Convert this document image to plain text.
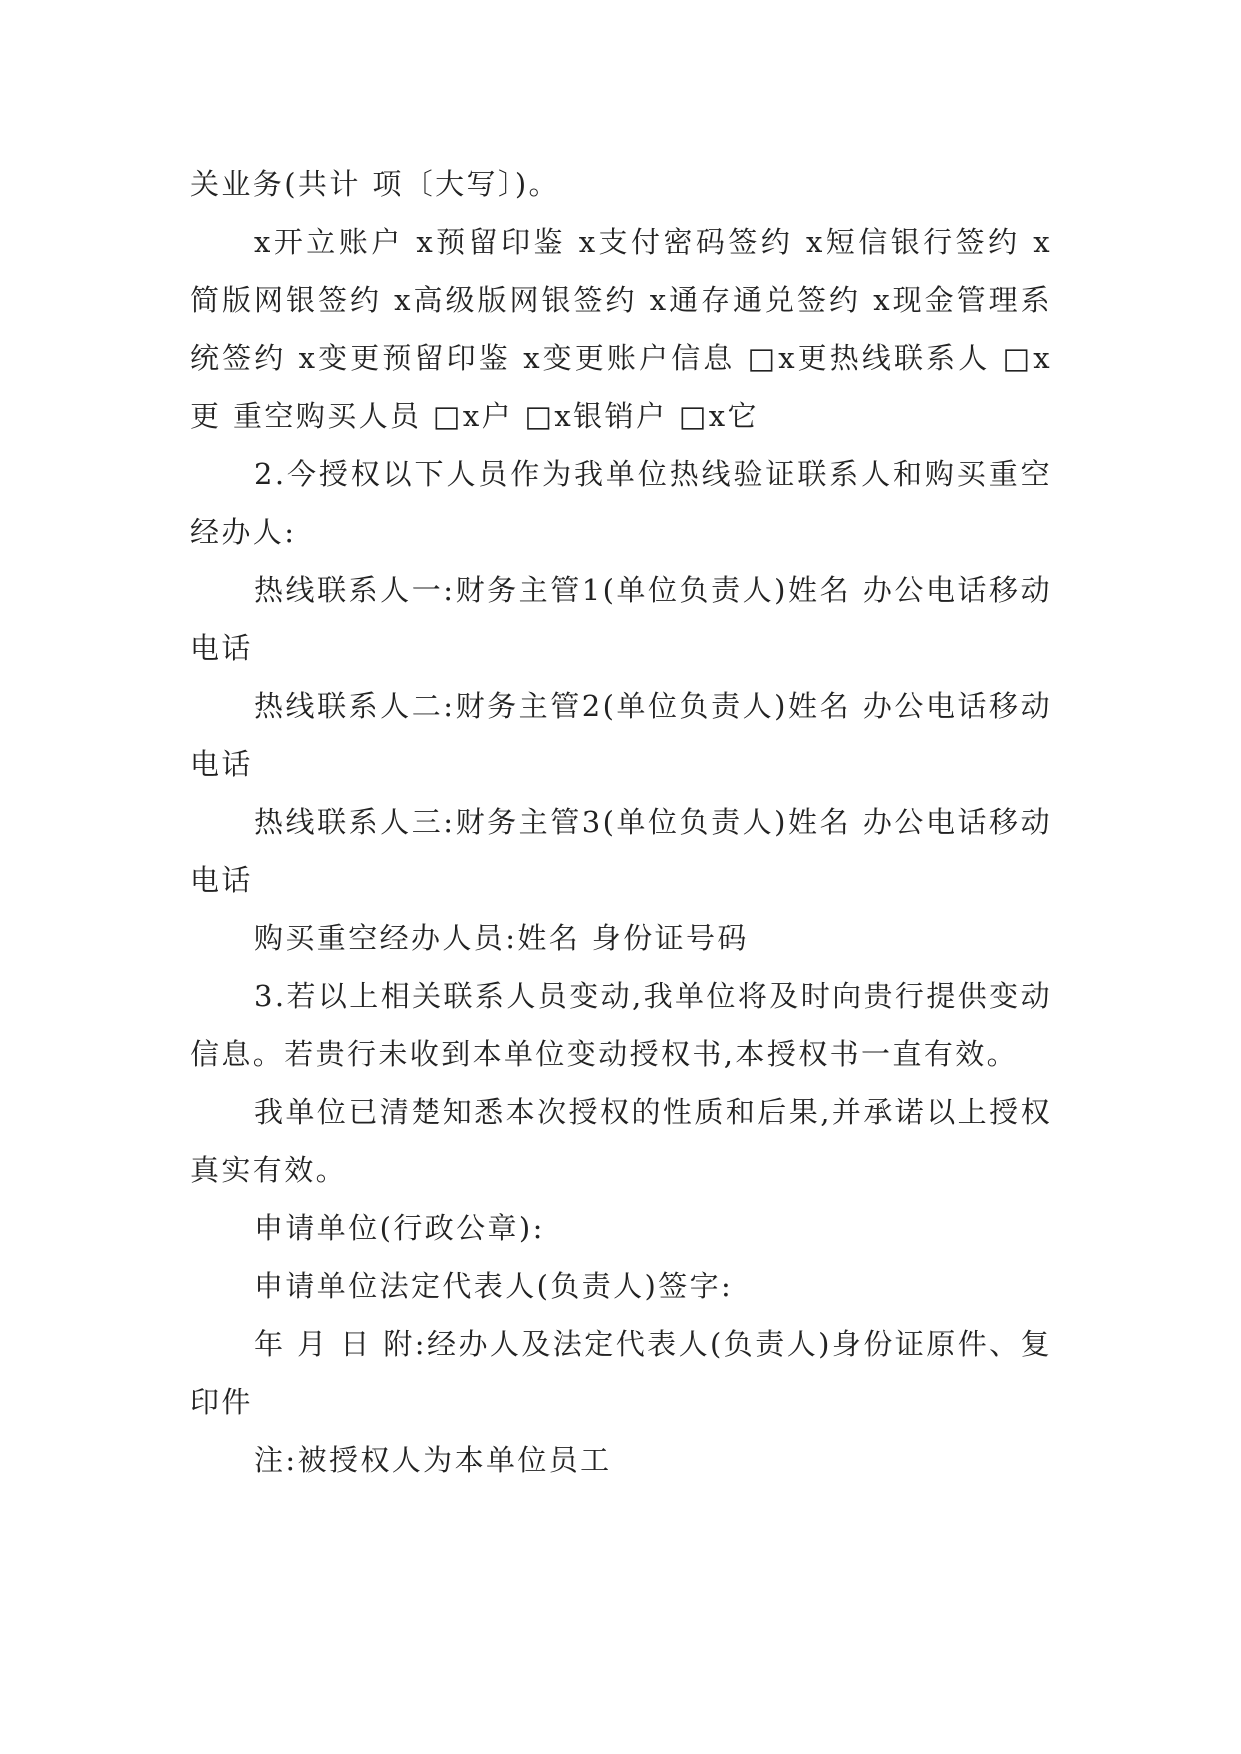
关业务(共计 项〔大写〕)。

x开立账户 x预留印鉴 x支付密码签约 x短信银行签约 x简版网银签约 x高级版网银签约 x通存通兑签约 x现金管理系统签约 x变更预留印鉴 x变更账户信息 □x更热线联系人 □x更 重空购买人员 □x户 □x银销户 □x它

2.今授权以下人员作为我单位热线验证联系人和购买重空经办人:

热线联系人一:财务主管1(单位负责人)姓名 办公电话移动电话

热线联系人二:财务主管2(单位负责人)姓名 办公电话移动电话

热线联系人三:财务主管3(单位负责人)姓名 办公电话移动电话

购买重空经办人员:姓名 身份证号码

3.若以上相关联系人员变动,我单位将及时向贵行提供变动信息。若贵行未收到本单位变动授权书,本授权书一直有效。

我单位已清楚知悉本次授权的性质和后果,并承诺以上授权真实有效。

申请单位(行政公章):

申请单位法定代表人(负责人)签字:

年 月 日 附:经办人及法定代表人(负责人)身份证原件、复印件

注:被授权人为本单位员工
